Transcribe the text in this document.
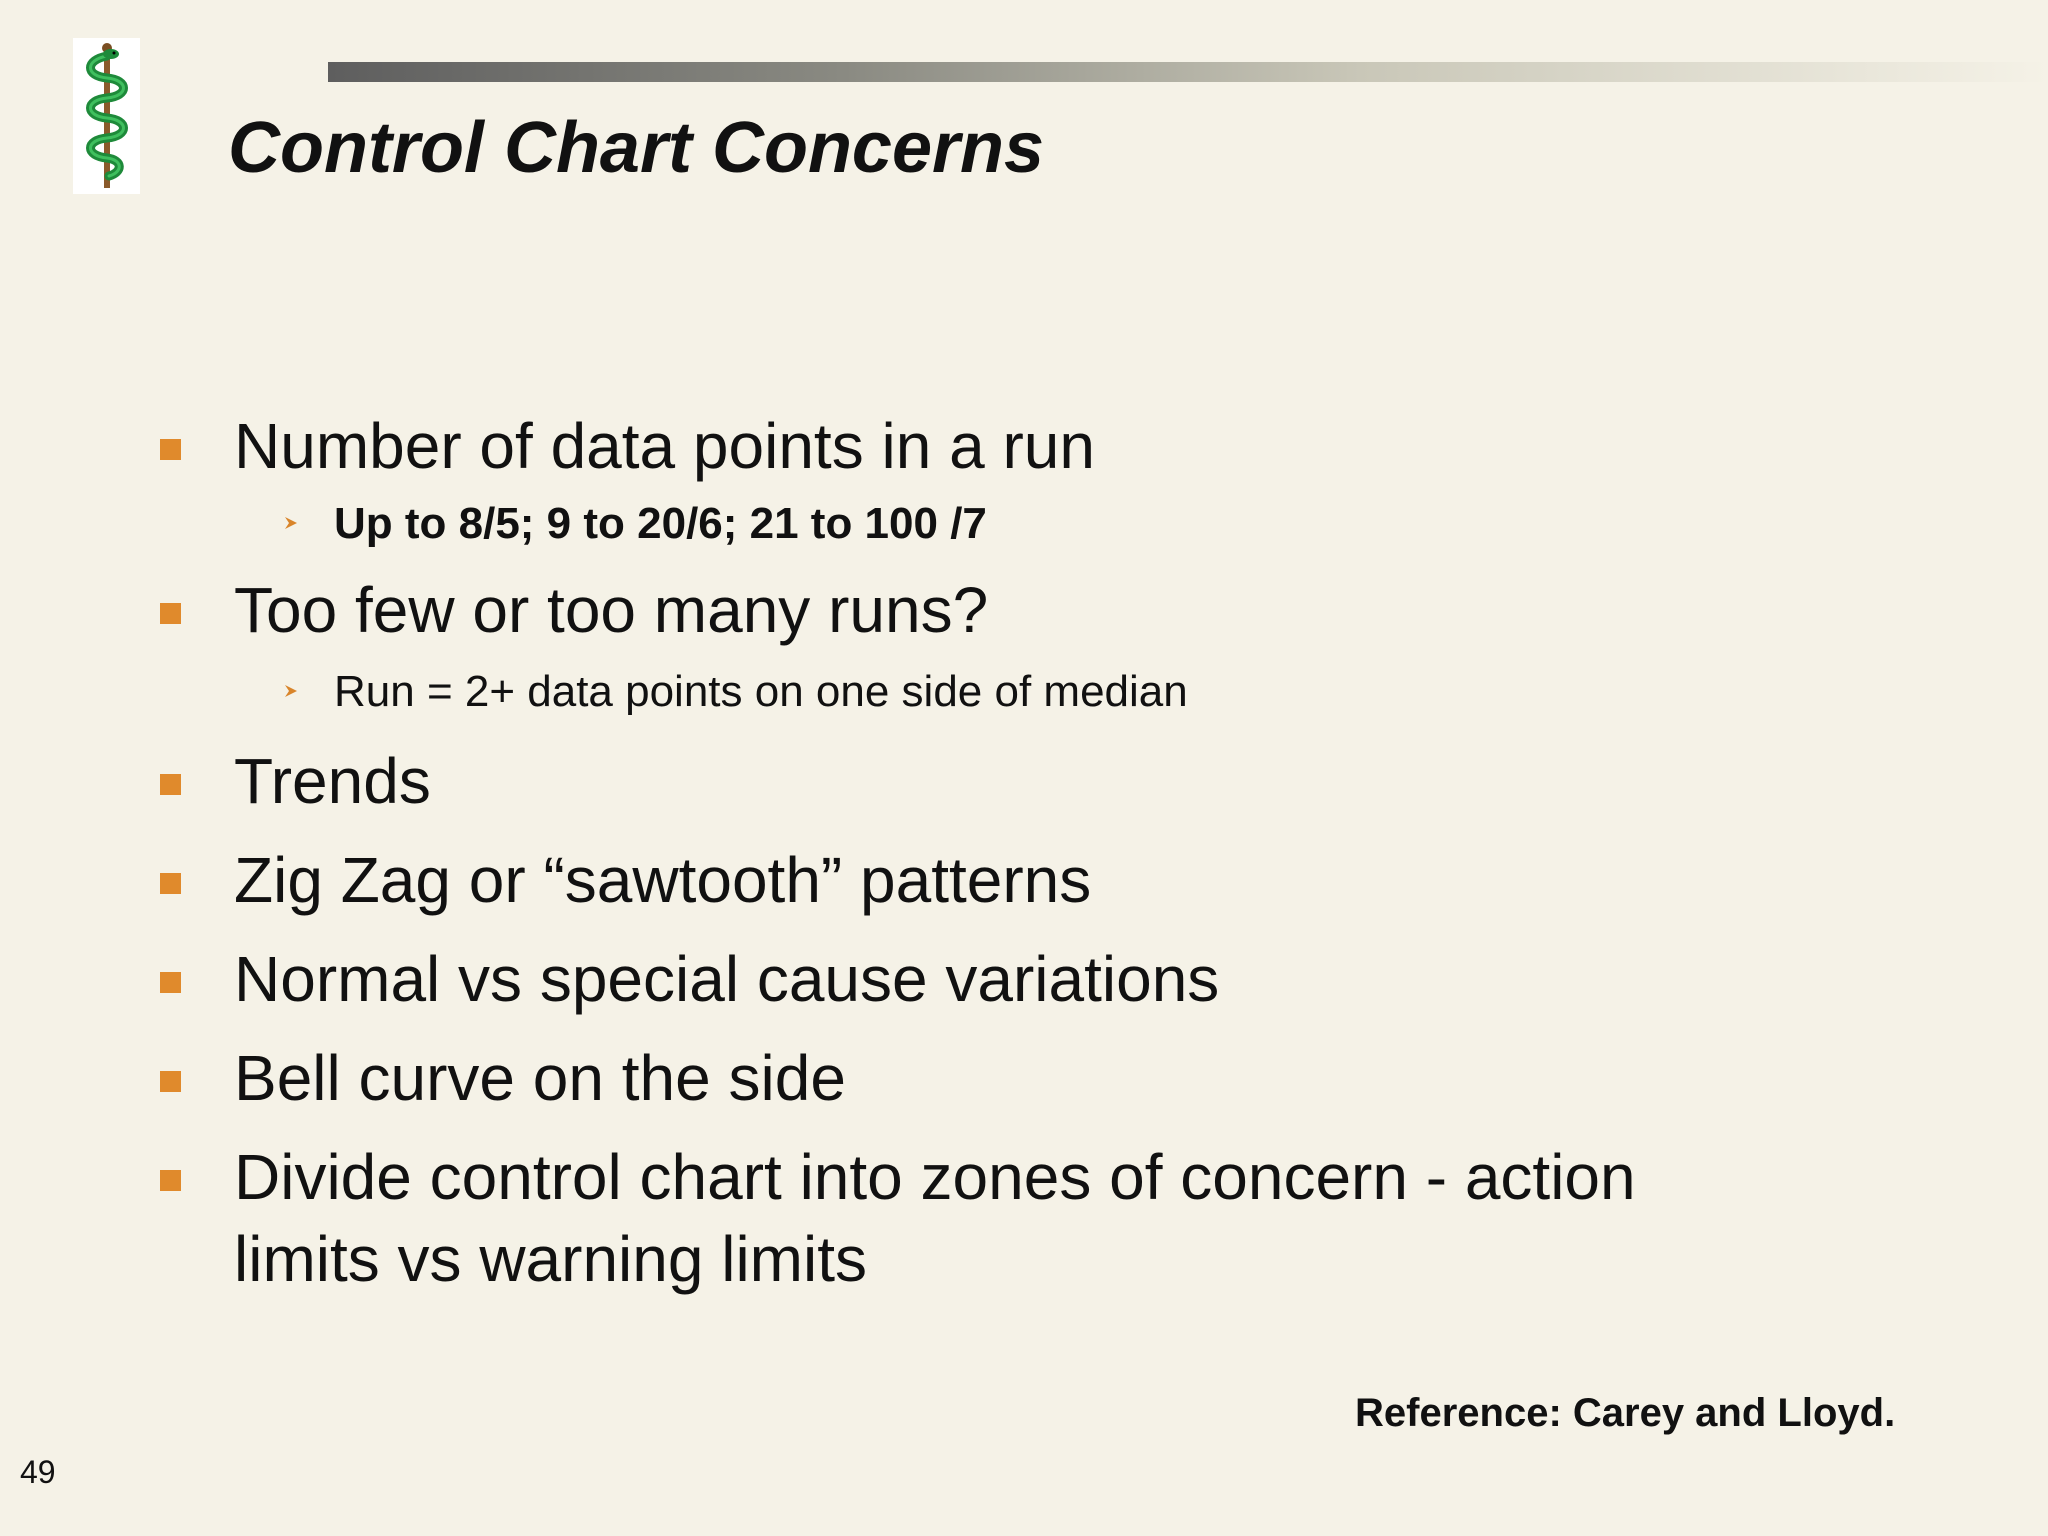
Control Chart Concerns
Number of data points in a run
Up to 8/5; 9 to 20/6; 21 to 100 /7
Too few or too many runs?
Run = 2+ data points on one side of median
Trends
Zig Zag or “sawtooth” patterns
Normal vs special cause variations
Bell curve on the side
Divide control chart into zones of concern - action
limits vs warning limits
Reference: Carey and Lloyd.
49
